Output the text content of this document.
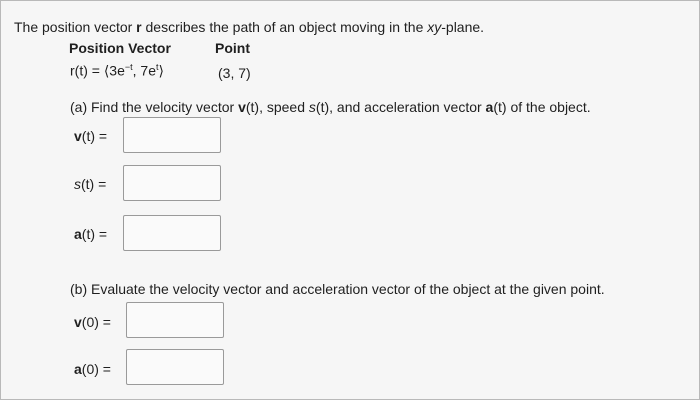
The position vector r describes the path of an object moving in the xy-plane.
Position Vector	Point
$r(t) = ⟨3e^{-t}$, $7e^t⟩$	(3, 7)
(a) Find the velocity vector v(t), speed s(t), and acceleration vector a(t) of the object.
v(t) =
s(t) =
a(t) =
(b) Evaluate the velocity vector and acceleration vector of the object at the given point.
v(0) =
a(0) =
